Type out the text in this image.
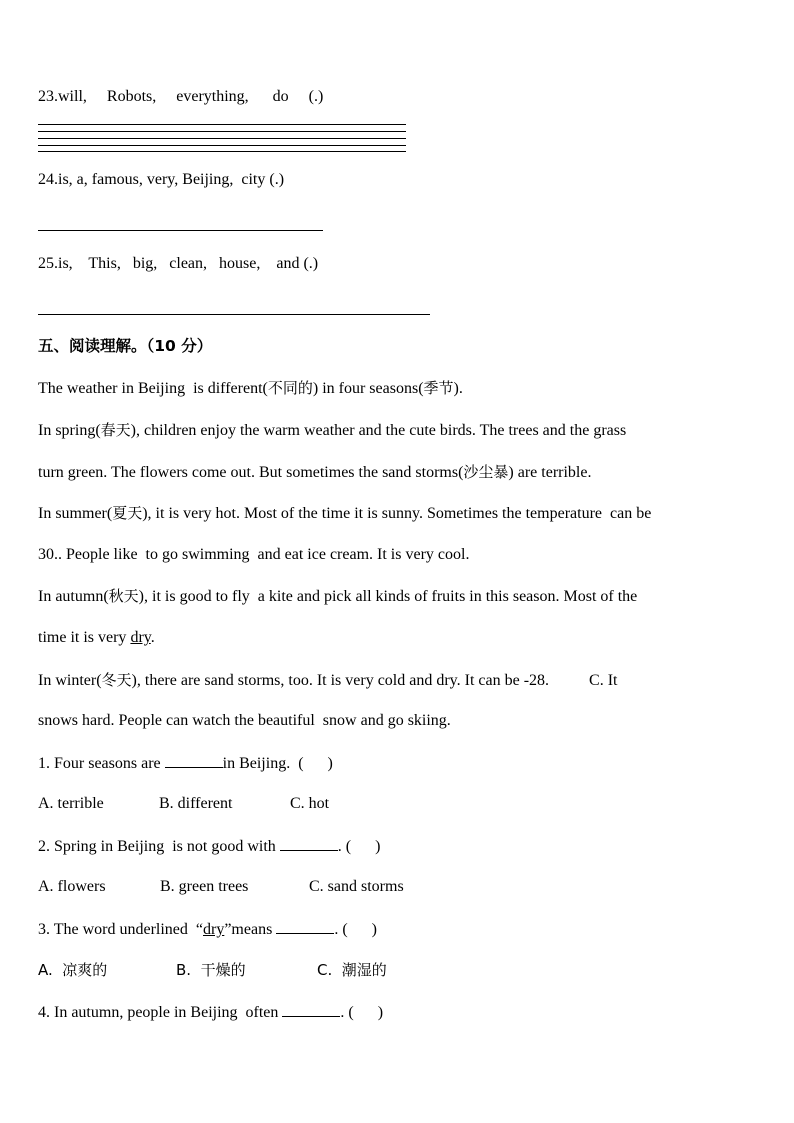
23.will,     Robots,     everything,      do     (.)
24.is, a, famous, very, Beijing,  city (.)
25.is,    This,   big,   clean,   house,    and (.)
五、阅读理解。（10 分）
The weather in Beijing  is different(不同的) in four seasons(季节).
In spring(春天), children enjoy the warm weather and the cute birds. The trees and the grass
turn green. The flowers come out. But sometimes the sand storms(沙尘暴) are terrible.
In summer(夏天), it is very hot. Most of the time it is sunny. Sometimes the temperature  can be
30.. People like  to go swimming  and eat ice cream. It is very cool.
In autumn(秋天), it is good to fly  a kite and pick all kinds of fruits in this season. Most of the
time it is very dry.
In winter(冬天), there are sand storms, too. It is very cold and dry. It can be -28.          C. It
snows hard. People can watch the beautiful  snow and go skiing.
1. Four seasons are	in Beijing.  (      )
A. terrible	B. different	C. hot
2. Spring in Beijing  is not good with	. (      )
A. flowers	B. green trees	C. sand storms
3. The word underlined  “dry”means	. (      )
A.  凉爽的	B.  干燥的	C.  潮湿的
4. In autumn, people in Beijing  often	. (      )
